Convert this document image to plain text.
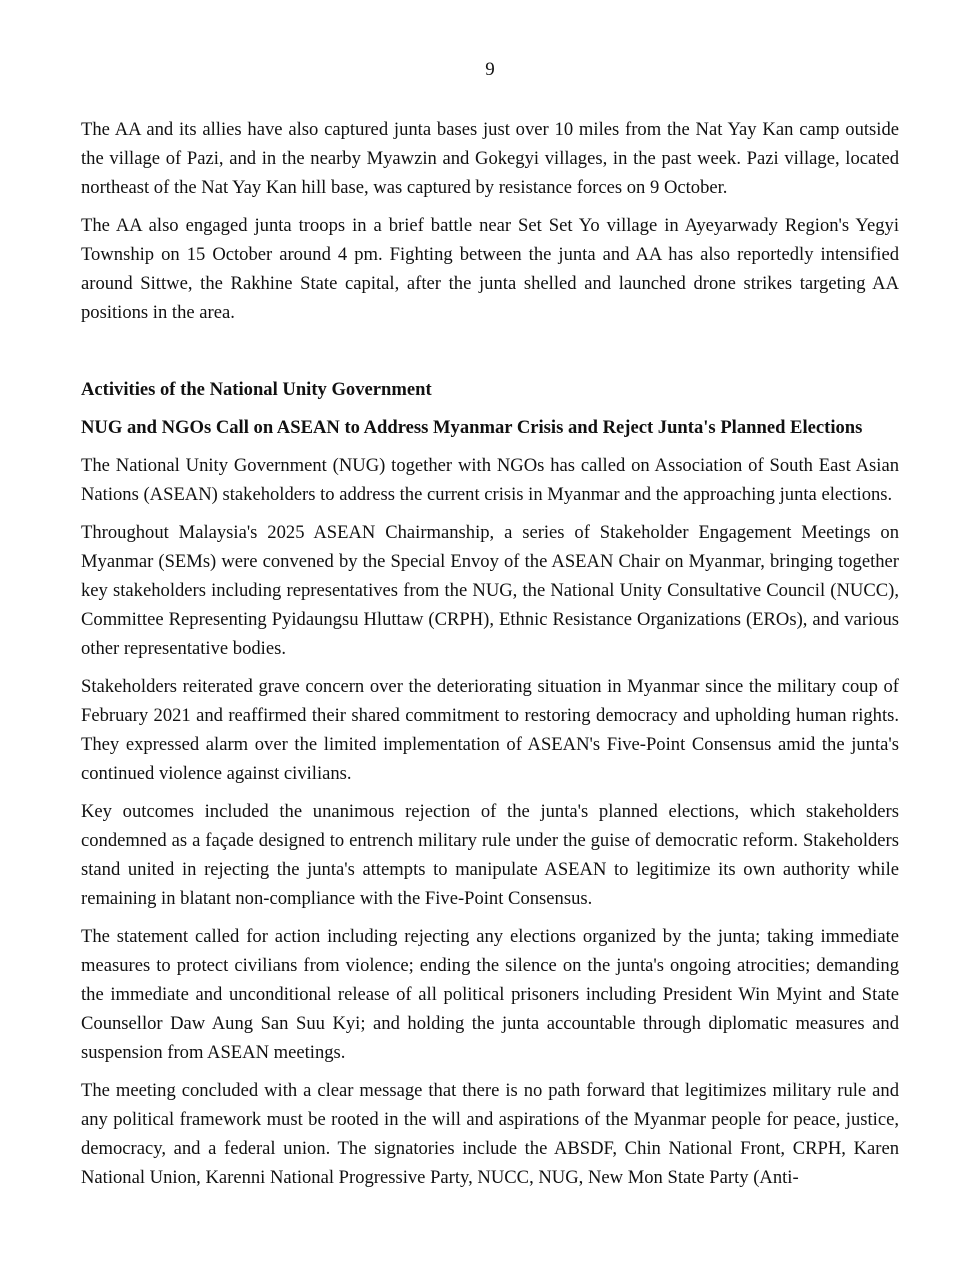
9

The AA and its allies have also captured junta bases just over 10 miles from the Nat Yay Kan camp outside the village of Pazi, and in the nearby Myawzin and Gokegyi villages, in the past week. Pazi village, located northeast of the Nat Yay Kan hill base, was captured by resistance forces on 9 October.

The AA also engaged junta troops in a brief battle near Set Set Yo village in Ayeyarwady Region's Yegyi Township on 15 October around 4 pm. Fighting between the junta and AA has also reportedly intensified around Sittwe, the Rakhine State capital, after the junta shelled and launched drone strikes targeting AA positions in the area.

Activities of the National Unity Government
NUG and NGOs Call on ASEAN to Address Myanmar Crisis and Reject Junta's Planned Elections

The National Unity Government (NUG) together with NGOs has called on Association of South East Asian Nations (ASEAN) stakeholders to address the current crisis in Myanmar and the approaching junta elections.

Throughout Malaysia's 2025 ASEAN Chairmanship, a series of Stakeholder Engagement Meetings on Myanmar (SEMs) were convened by the Special Envoy of the ASEAN Chair on Myanmar, bringing together key stakeholders including representatives from the NUG, the National Unity Consultative Council (NUCC), Committee Representing Pyidaungsu Hluttaw (CRPH), Ethnic Resistance Organizations (EROs), and various other representative bodies.

Stakeholders reiterated grave concern over the deteriorating situation in Myanmar since the military coup of February 2021 and reaffirmed their shared commitment to restoring democracy and upholding human rights. They expressed alarm over the limited implementation of ASEAN's Five-Point Consensus amid the junta's continued violence against civilians.

Key outcomes included the unanimous rejection of the junta's planned elections, which stakeholders condemned as a façade designed to entrench military rule under the guise of democratic reform. Stakeholders stand united in rejecting the junta's attempts to manipulate ASEAN to legitimize its own authority while remaining in blatant non-compliance with the Five-Point Consensus.

The statement called for action including rejecting any elections organized by the junta; taking immediate measures to protect civilians from violence; ending the silence on the junta's ongoing atrocities; demanding the immediate and unconditional release of all political prisoners including President Win Myint and State Counsellor Daw Aung San Suu Kyi; and holding the junta accountable through diplomatic measures and suspension from ASEAN meetings.

The meeting concluded with a clear message that there is no path forward that legitimizes military rule and any political framework must be rooted in the will and aspirations of the Myanmar people for peace, justice, democracy, and a federal union. The signatories include the ABSDF, Chin National Front, CRPH, Karen National Union, Karenni National Progressive Party, NUCC, NUG, New Mon State Party (Anti-
